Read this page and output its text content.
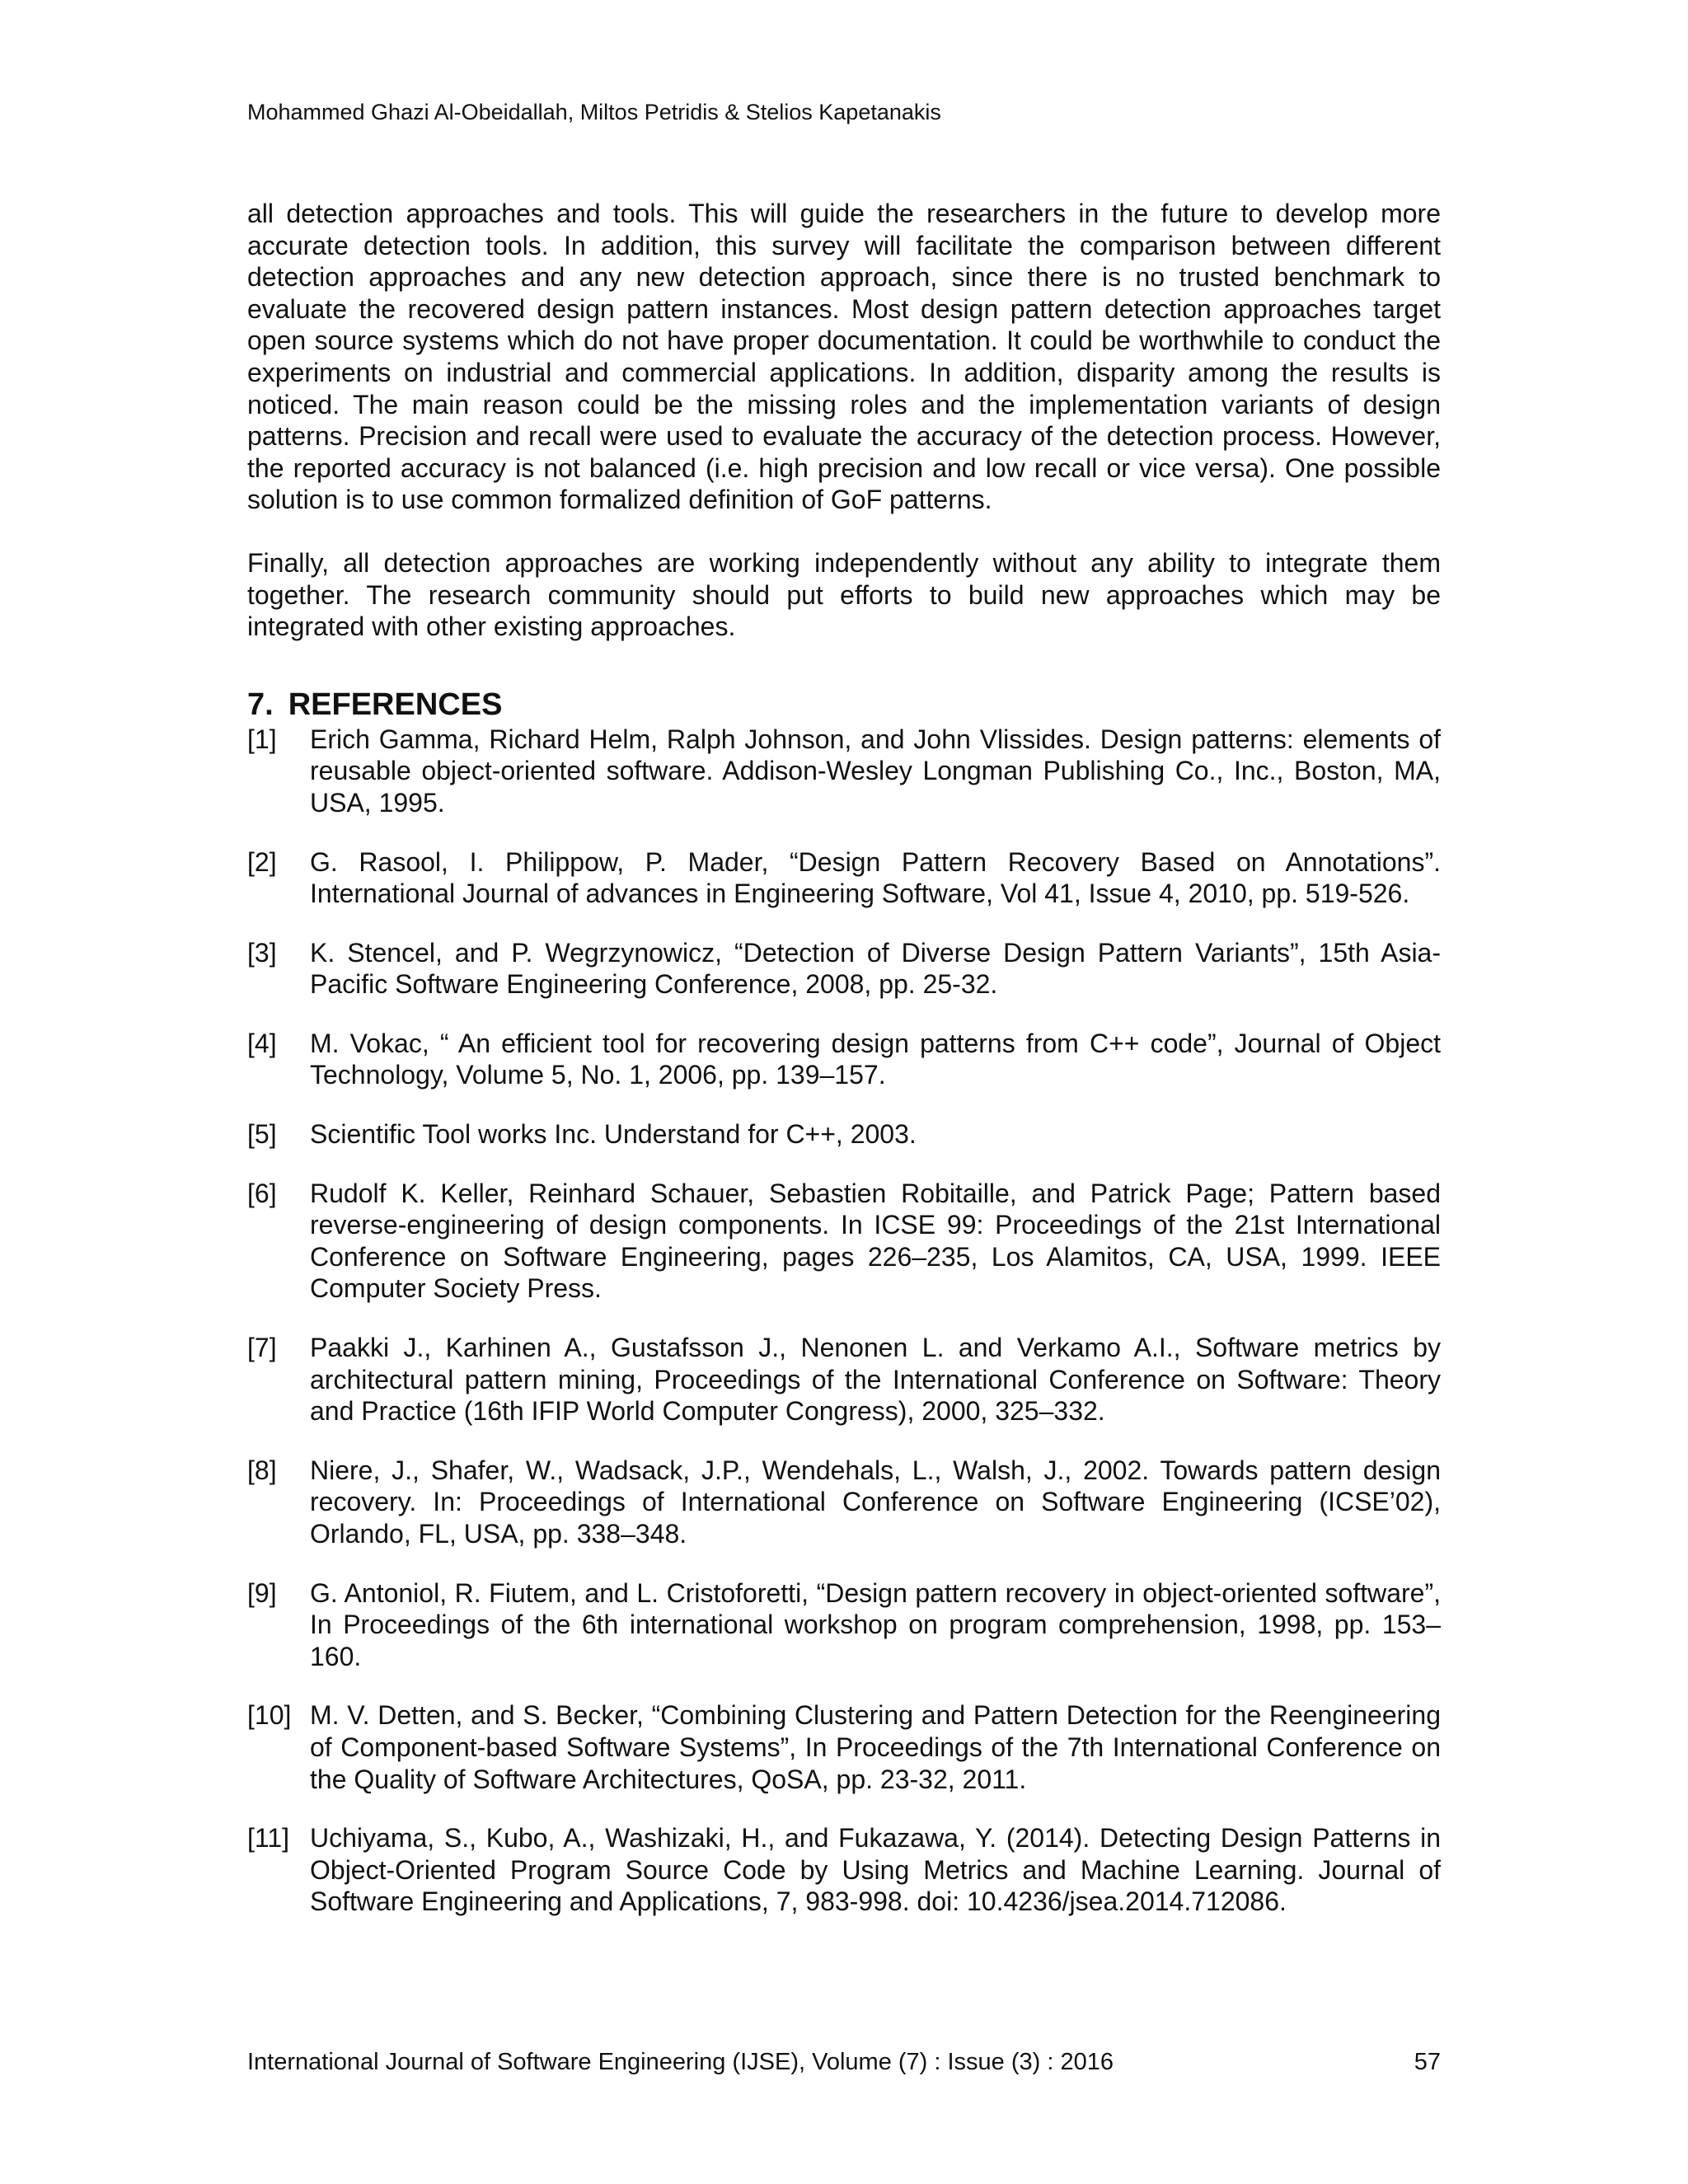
Mohammed Ghazi Al-Obeidallah, Miltos Petridis & Stelios Kapetanakis

all detection approaches and tools. This will guide the researchers in the future to develop more accurate detection tools. In addition, this survey will facilitate the comparison between different detection approaches and any new detection approach, since there is no trusted benchmark to evaluate the recovered design pattern instances. Most design pattern detection approaches target open source systems which do not have proper documentation. It could be worthwhile to conduct the experiments on industrial and commercial applications. In addition, disparity among the results is noticed. The main reason could be the missing roles and the implementation variants of design patterns. Precision and recall were used to evaluate the accuracy of the detection process. However, the reported accuracy is not balanced (i.e. high precision and low recall or vice versa). One possible solution is to use common formalized definition of GoF patterns.

Finally, all detection approaches are working independently without any ability to integrate them together. The research community should put efforts to build new approaches which may be integrated with other existing approaches.

7. REFERENCES
[1]	Erich Gamma, Richard Helm, Ralph Johnson, and John Vlissides. Design patterns: elements of reusable object-oriented software. Addison-Wesley Longman Publishing Co., Inc., Boston, MA, USA, 1995.
[2]	G. Rasool, I. Philippow, P. Mader, “Design Pattern Recovery Based on Annotations”. International Journal of advances in Engineering Software, Vol 41, Issue 4, 2010, pp. 519-526.
[3]	K. Stencel, and P. Wegrzynowicz, “Detection of Diverse Design Pattern Variants”, 15th Asia-Pacific Software Engineering Conference, 2008, pp. 25-32.
[4]	M. Vokac, “ An efficient tool for recovering design patterns from C++ code”, Journal of Object Technology, Volume 5, No. 1, 2006, pp. 139–157.
[5]	Scientific Tool works Inc. Understand for C++, 2003.
[6]	Rudolf K. Keller, Reinhard Schauer, Sebastien Robitaille, and Patrick Page; Pattern based reverse-engineering of design components. In ICSE 99: Proceedings of the 21st International Conference on Software Engineering, pages 226–235, Los Alamitos, CA, USA, 1999. IEEE Computer Society Press.
[7]	Paakki J., Karhinen A., Gustafsson J., Nenonen L. and Verkamo A.I., Software metrics by architectural pattern mining, Proceedings of the International Conference on Software: Theory and Practice (16th IFIP World Computer Congress), 2000, 325–332.
[8]	Niere, J., Shafer, W., Wadsack, J.P., Wendehals, L., Walsh, J., 2002. Towards pattern design recovery. In: Proceedings of International Conference on Software Engineering (ICSE’02), Orlando, FL, USA, pp. 338–348.
[9]	G. Antoniol, R. Fiutem, and L. Cristoforetti, “Design pattern recovery in object-oriented software”, In Proceedings of the 6th international workshop on program comprehension, 1998, pp. 153–160.
[10] M. V. Detten, and S. Becker, “Combining Clustering and Pattern Detection for the Reengineering of Component-based Software Systems”, In Proceedings of the 7th International Conference on the Quality of Software Architectures, QoSA, pp. 23-32, 2011.
[11] Uchiyama, S., Kubo, A., Washizaki, H., and Fukazawa, Y. (2014). Detecting Design Patterns in Object-Oriented Program Source Code by Using Metrics and Machine Learning. Journal of Software Engineering and Applications, 7, 983-998. doi: 10.4236/jsea.2014.712086.
International Journal of Software Engineering (IJSE), Volume (7) : Issue (3) : 2016	57
